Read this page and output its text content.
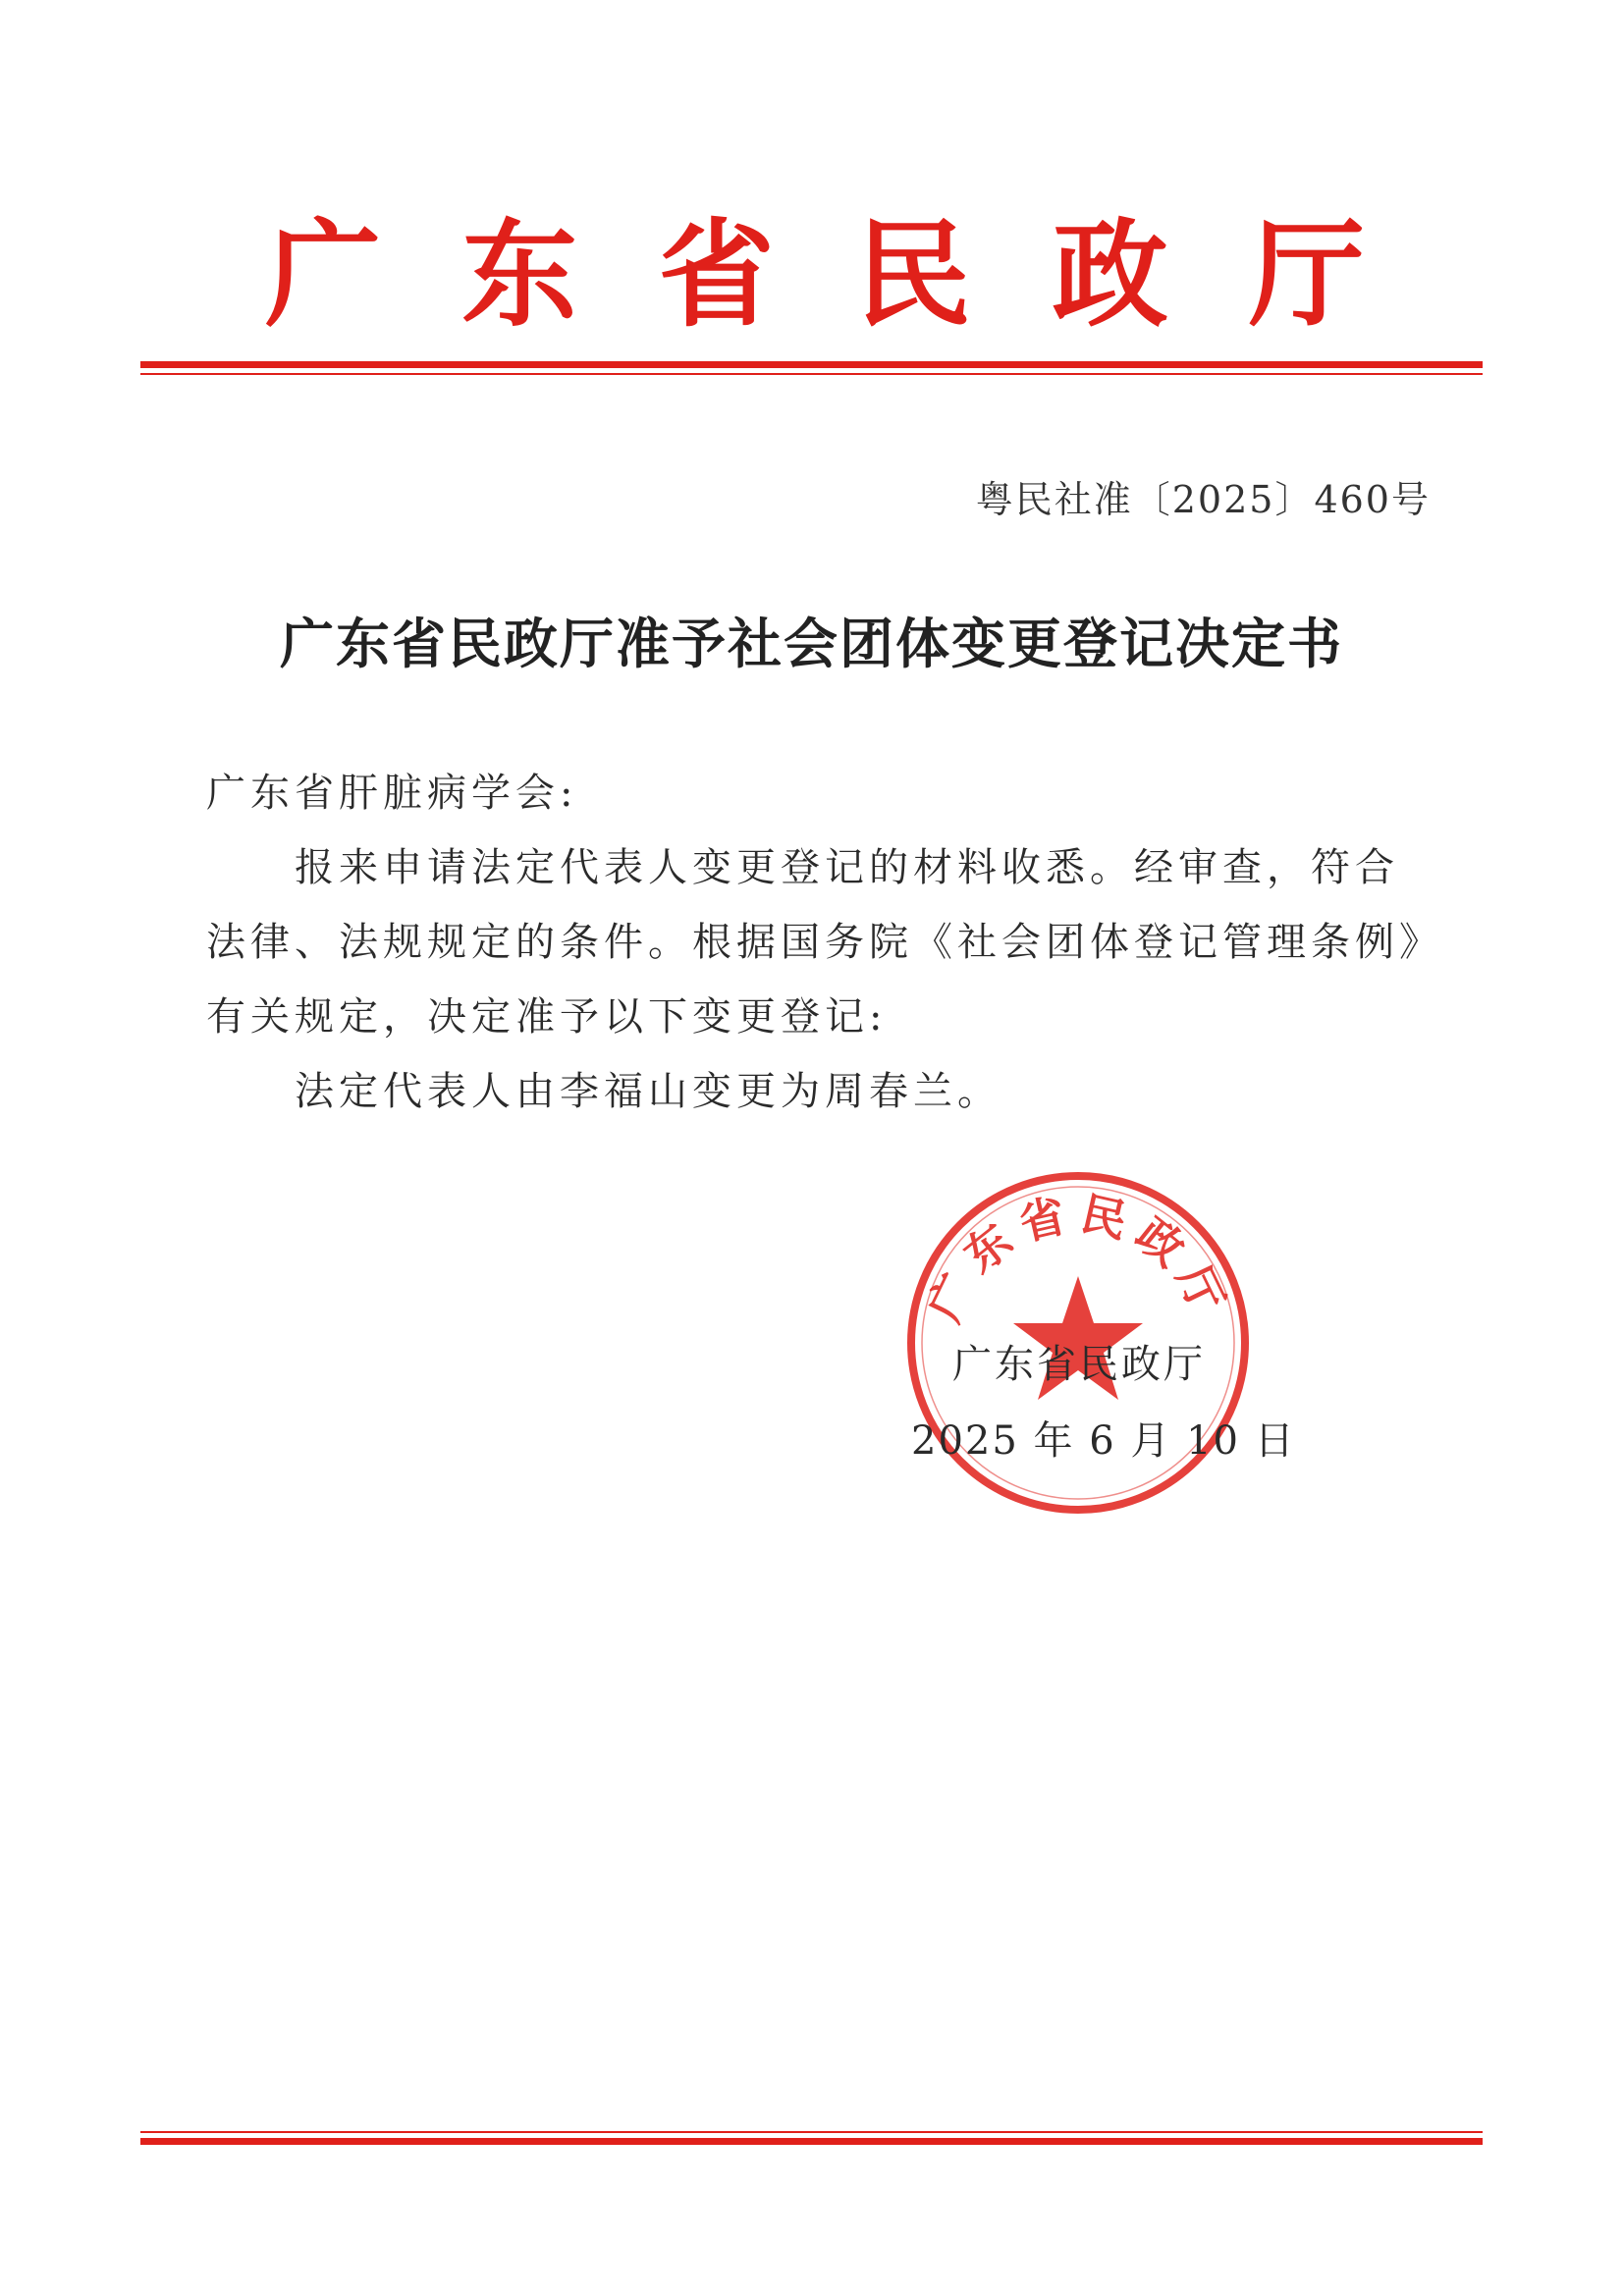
广 东 省 民 政 厅
粤民社准〔2025〕460号
广东省民政厅准予社会团体变更登记决定书

广东省肝脏病学会:

报来申请法定代表人变更登记的材料收悉。经审查，符合法律、法规规定的条件。根据国务院《社会团体登记管理条例》有关规定，决定准予以下变更登记:

法定代表人由李福山变更为周春兰。

广东省民政厅
广东省民政厅
2025 年 6 月 10 日
